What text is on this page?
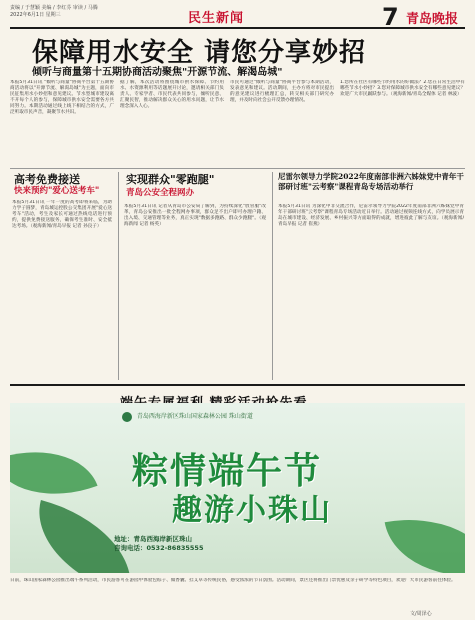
责编 / 于慧颖 美编 / 李红芬 审读 / 马腾
2022年6月1日 星期三	民生新闻	7 青岛晚报
保障用水安全 请您分享妙招
倾听与商量第十五期协商活动聚焦"开源节流、解渴岛城"
本报5月31日讯 "倾听与商量"协商平台第十五期协商活动将以"开源节流、解渴岛城"为主题，面向市民征集用水小妙招和意见建议。节水型城市建设离不开每个人的参与，保障城市供水安全需要各方共同努力。本期活动通过线上线下相结合的方式，广泛听取市民声音，凝聚节水共识。
据了解，本次活动将围绕城市供水保障、节约用水、水资源利用等话题展开讨论，邀请相关部门负责人、专家学者、市民代表共同参与，倾听民意、汇聚民智，推动解决群众关心的用水问题，让节水理念深入人心。
市民可通过"倾听与商量"协商平台参与本期活动，发表意见和建议。活动期间，主办方将对市民提出的意见建议进行梳理汇总，转交相关部门研究办理，并及时向社会公开反馈办理情况。
1.您所在社区有哪些节约用水的好做法？2.您在日常生活中有哪些节水小妙招？3.您对保障城市供水安全有哪些意见建议？欢迎广大市民踊跃参与。（观海新闻/青岛全媒体 记者 林波）
高考免费接送
快来预约"爱心送考车"
本报5月31日讯 一年一度的高考即将来临，为助力学子圆梦，青岛城运控股公交集团开展"爱心送考车"活动，考生及家长可通过热线电话进行预约，提供免费接送服务，确保考生准时、安全抵达考场。（观海新闻/青岛早报 记者 孙良子）
实现群众"零跑腿"
青岛公安全程网办
本报5月31日讯 记者从青岛市公安局了解到，为持续深化"放管服"改革，青岛公安推出一批全程网办事项，群众足不出户即可办理户籍、出入境、交通管理等业务，真正实现"数据多跑路、群众少跑腿"。（观海新闻 记者 杨英）
尼雷尔领导力学院2022年度南部非洲六姊妹党中青年干部研讨班"云考察"课程青岛专场活动举行
本报5月31日讯 为深化中非交流合作，尼雷尔领导力学院2022年度南部非洲六姊妹党中青年干部研讨班"云考察"课程青岛专场活动近日举行。活动通过视频连线方式，向学员展示青岛在城市建设、经济发展、乡村振兴等方面取得的成就，增进彼此了解与友谊。（观海新闻/青岛早报 记者 崔燕）
青岛西海岸新区珠山国家森林公园 珠山街道
粽情端午节
趣游小珠山
地址：青岛西海岸新区珠山
咨询电话：0532-86835555
日前，珠山国家森林公园推出端午系列活动，市民游客可在游园中体验包粽子、做香囊、挂艾草等传统民俗，感受浓浓的节日氛围。活动期间，景区还将推出门票优惠及亲子研学等特色项目，欢迎广大市民游客前往体验。
文/周泽心
